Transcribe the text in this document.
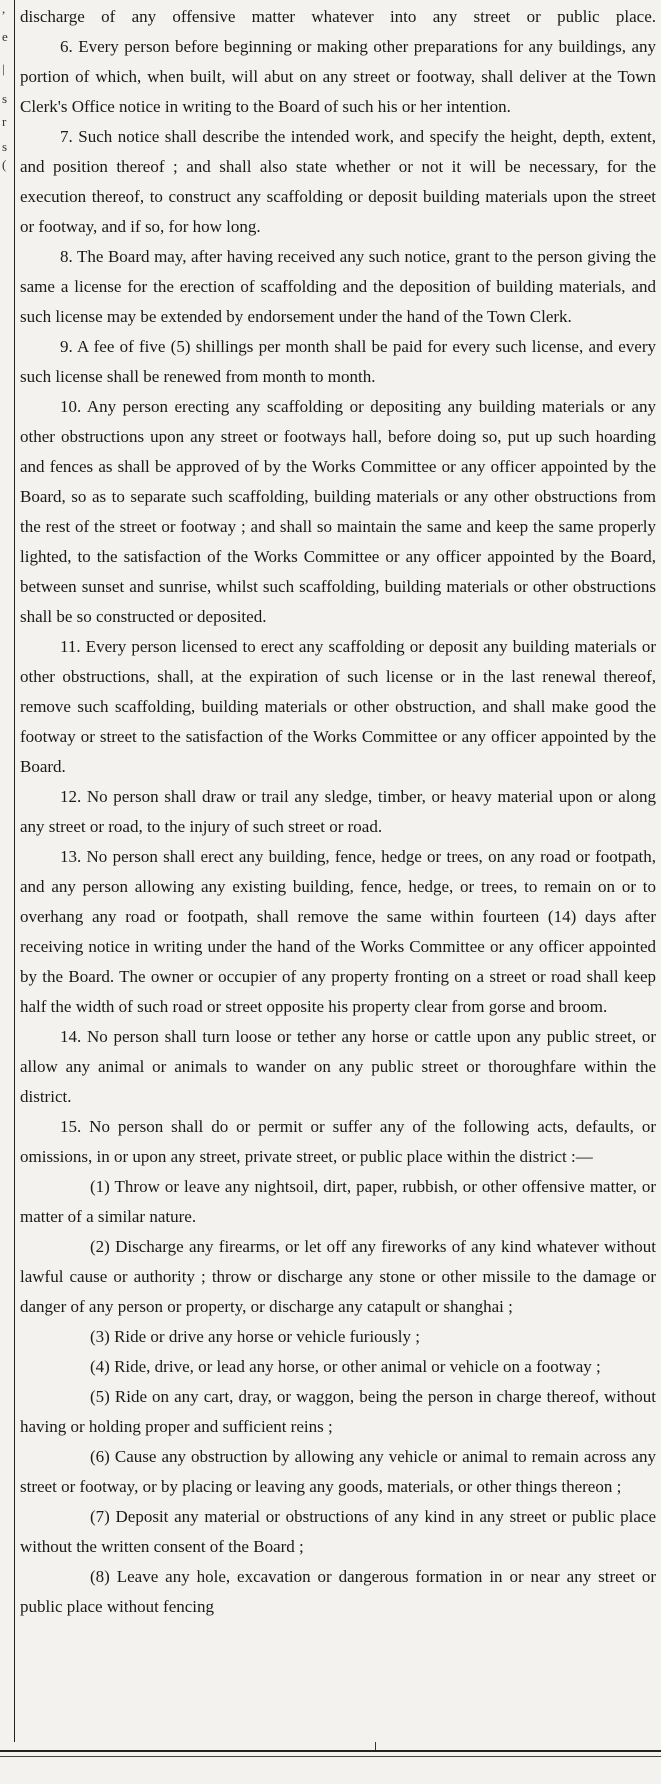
,
e
|
s
r
s
(

discharge of any offensive matter whatever into any street or public place.

6. Every person before beginning or making other preparations for any buildings, any portion of which, when built, will abut on any street or footway, shall deliver at the Town Clerk's Office notice in writing to the Board of such his or her intention.

7. Such notice shall describe the intended work, and specify the height, depth, extent, and position thereof ; and shall also state whether or not it will be necessary, for the execution thereof, to construct any scaffolding or deposit building materials upon the street or footway, and if so, for how long.

8. The Board may, after having received any such notice, grant to the person giving the same a license for the erection of scaffolding and the deposition of building materials, and such license may be extended by endorsement under the hand of the Town Clerk.

9. A fee of five (5) shillings per month shall be paid for every such license, and every such license shall be renewed from month to month.

10. Any person erecting any scaffolding or depositing any building materials or any other obstructions upon any street or footways hall, before doing so, put up such hoarding and fences as shall be approved of by the Works Committee or any officer appointed by the Board, so as to separate such scaffolding, building materials or any other obstructions from the rest of the street or footway ; and shall so maintain the same and keep the same properly lighted, to the satisfaction of the Works Committee or any officer appointed by the Board, between sunset and sunrise, whilst such scaffolding, building materials or other obstructions shall be so constructed or deposited.

11. Every person licensed to erect any scaffolding or deposit any building materials or other obstructions, shall, at the expiration of such license or in the last renewal thereof, remove such scaffolding, building materials or other obstruction, and shall make good the footway or street to the satisfaction of the Works Committee or any officer appointed by the Board.

12. No person shall draw or trail any sledge, timber, or heavy material upon or along any street or road, to the injury of such street or road.

13. No person shall erect any building, fence, hedge or trees, on any road or footpath, and any person allowing any existing building, fence, hedge, or trees, to remain on or to overhang any road or footpath, shall remove the same within fourteen (14) days after receiving notice in writing under the hand of the Works Committee or any officer appointed by the Board. The owner or occupier of any property fronting on a street or road shall keep half the width of such road or street opposite his property clear from gorse and broom.

14. No person shall turn loose or tether any horse or cattle upon any public street, or allow any animal or animals to wander on any public street or thoroughfare within the district.

15. No person shall do or permit or suffer any of the following acts, defaults, or omissions, in or upon any street, private street, or public place within the district :—

(1) Throw or leave any nightsoil, dirt, paper, rubbish, or other offensive matter, or matter of a similar nature.

(2) Discharge any firearms, or let off any fireworks of any kind whatever without lawful cause or authority ; throw or discharge any stone or other missile to the damage or danger of any person or property, or discharge any catapult or shanghai ;

(3) Ride or drive any horse or vehicle furiously ;

(4) Ride, drive, or lead any horse, or other animal or vehicle on a footway ;

(5) Ride on any cart, dray, or waggon, being the person in charge thereof, without having or holding proper and sufficient reins ;

(6) Cause any obstruction by allowing any vehicle or animal to remain across any street or footway, or by placing or leaving any goods, materials, or other things thereon ;

(7) Deposit any material or obstructions of any kind in any street or public place without the written consent of the Board ;

(8) Leave any hole, excavation or dangerous formation in or near any street or public place without fencing
